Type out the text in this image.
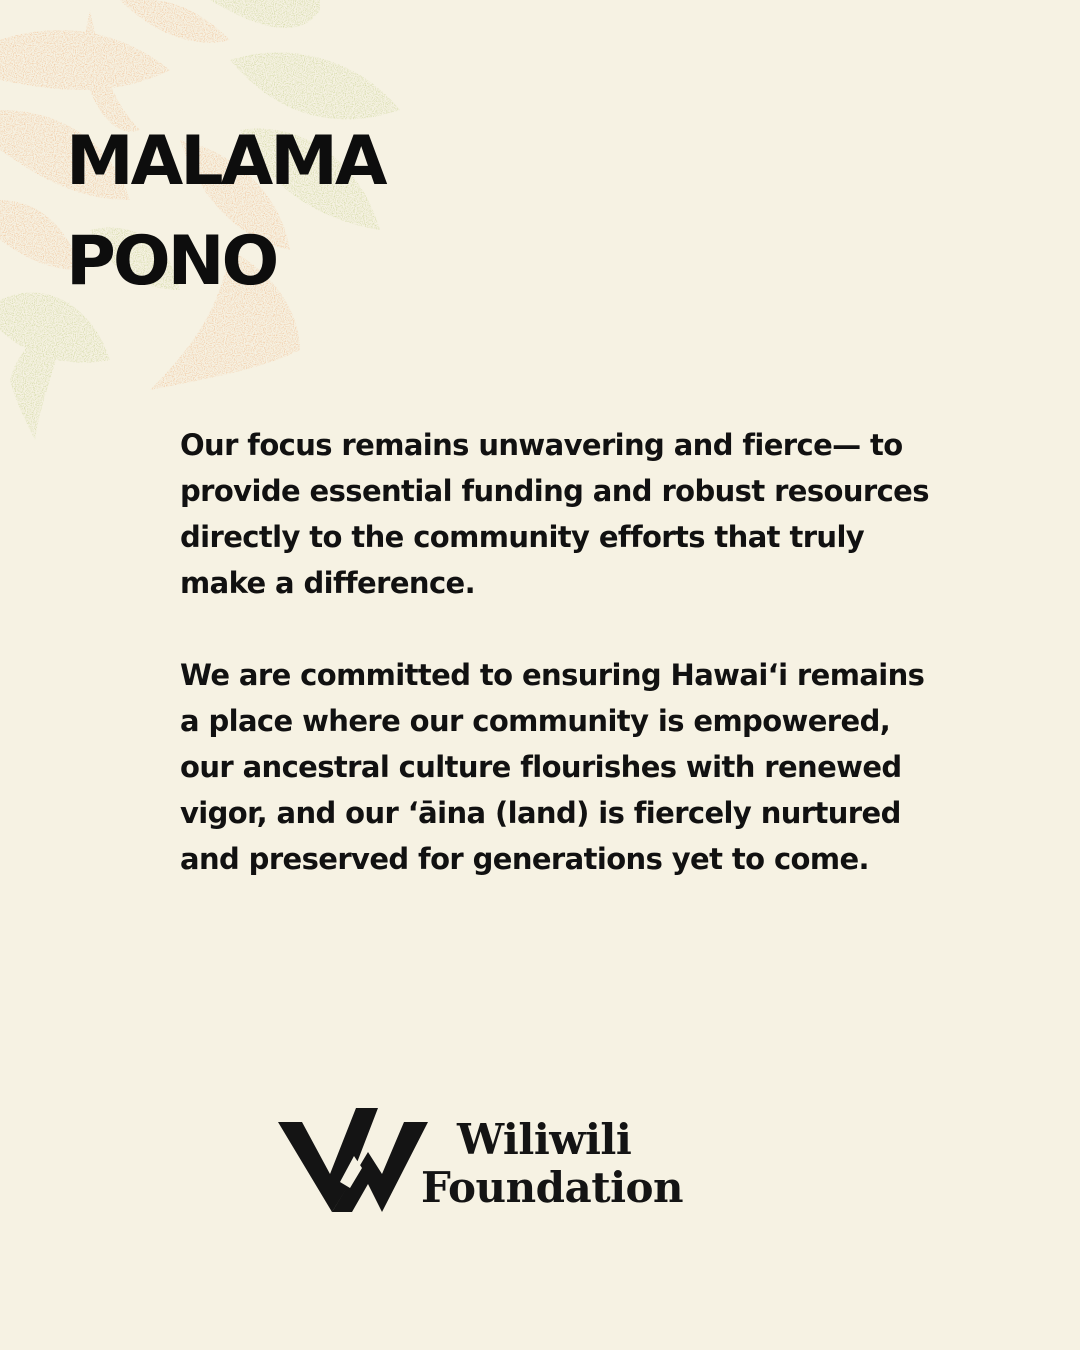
MALAMA
PONO

Our focus remains unwavering and fierce— to provide essential funding and robust resources directly to the community efforts that truly make a difference.

We are committed to ensuring Hawaiʻi remains a place where our community is empowered, our ancestral culture flourishes with renewed vigor, and our ʻāina (land) is fiercely nurtured and preserved for generations yet to come.

Wiliwili
Foundation
